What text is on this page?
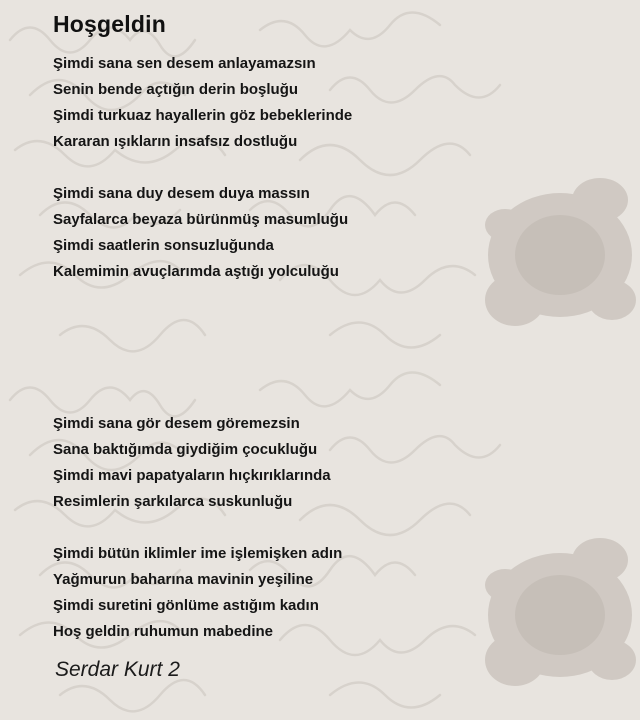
Hoşgeldin
Şimdi sana sen desem anlayamazsın
Senin bende açtığın derin boşluğu
Şimdi turkuaz hayallerin göz bebeklerinde
Kararan ışıkların insafsız dostluğu
Şimdi sana duy desem duya massın
Sayfalarca beyaza bürünmüş masumluğu
Şimdi saatlerin sonsuzluğunda
Kalemimin avuçlarımda aştığı yolculuğu
Şimdi sana gör desem göremezsin
Sana baktığımda giydiğim çocukluğu
Şimdi mavi papatyaların hıçkırıklarında
Resimlerin şarkılarca suskunluğu
Şimdi bütün iklimler ime işlemişken adın
Yağmurun baharına mavinin yeşiline
Şimdi suretini gönlüme astığım kadın
Hoş geldin ruhumun mabedine
Serdar Kurt 2
